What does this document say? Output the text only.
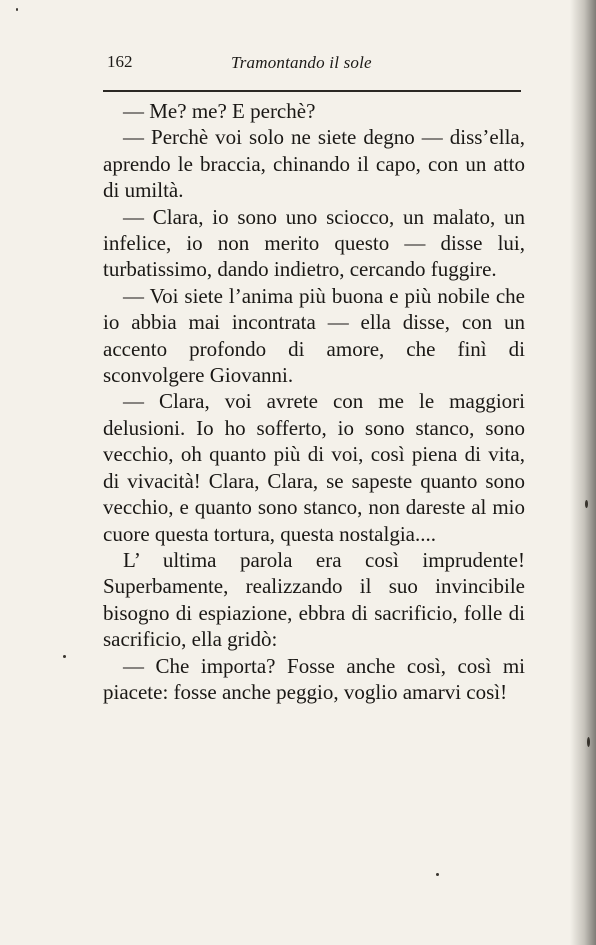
162	Tramontando il sole

— Me? me? E perchè?

— Perchè voi solo ne siete degno — diss’ella, aprendo le braccia, chinando il capo, con un atto di umiltà.

— Clara, io sono uno sciocco, un malato, un infelice, io non merito questo — disse lui, turbatissimo, dando indietro, cercando fuggire.

— Voi siete l’anima più buona e più nobile che io abbia mai incontrata — ella disse, con un accento profondo di amore, che finì di sconvolgere Giovanni.

— Clara, voi avrete con me le maggiori delusioni. Io ho sofferto, io sono stanco, sono vecchio, oh quanto più di voi, così piena di vita, di vivacità! Clara, Clara, se sapeste quanto sono vecchio, e quanto sono stanco, non dareste al mio cuore questa tortura, questa nostalgia....

L’ ultima parola era così imprudente! Superbamente, realizzando il suo invincibile bisogno di espiazione, ebbra di sacrificio, folle di sacrificio, ella gridò:

— Che importa? Fosse anche così, così mi piacete: fosse anche peggio, voglio amarvi così!
